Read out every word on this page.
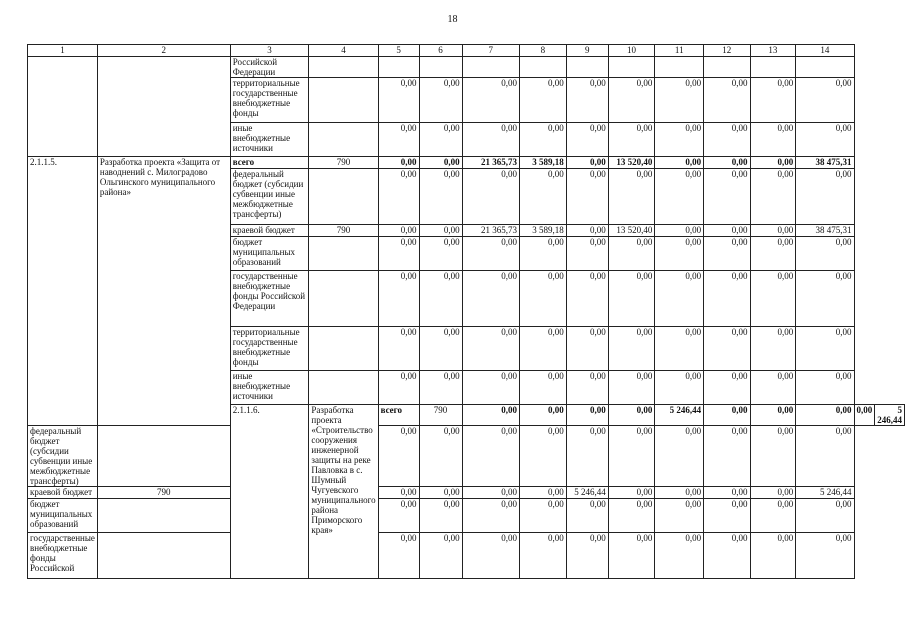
18
1	2	3	4	5	6	7	8	9	10	11	12	13	14		
		Российской Федерации													
		территориальные государственные внебюджетные фонды		0,00	0,00	0,00	0,00	0,00	0,00	0,00	0,00	0,00	0,00		
		иные внебюджетные источники		0,00	0,00	0,00	0,00	0,00	0,00	0,00	0,00	0,00	0,00		
2.1.1.5.	Разработка проекта «Защита от наводнений с. Милоградово Ольгинского муниципального района»	всего	790	0,00	0,00	21 365,73	3 589,18	0,00	13 520,40	0,00	0,00	0,00	38 475,31		
		федеральный бюджет (субсидии субвенции иные межбюджетные трансферты)		0,00	0,00	0,00	0,00	0,00	0,00	0,00	0,00	0,00	0,00		
		краевой бюджет	790	0,00	0,00	21 365,73	3 589,18	0,00	13 520,40	0,00	0,00	0,00	38 475,31		
		бюджет муниципальных образований		0,00	0,00	0,00	0,00	0,00	0,00	0,00	0,00	0,00	0,00		
		государственные внебюджетные фонды Российской Федерации		0,00	0,00	0,00	0,00	0,00	0,00	0,00	0,00	0,00	0,00		
		территориальные государственные внебюджетные фонды		0,00	0,00	0,00	0,00	0,00	0,00	0,00	0,00	0,00	0,00		
		иные внебюджетные источники		0,00	0,00	0,00	0,00	0,00	0,00	0,00	0,00	0,00	0,00		
		2.1.1.6.	Разработка проекта «Строительство сооружения инженерной защиты на реке Павловка в с. Шумный Чугуевского муниципального района Приморского края»	всего	790	0,00	0,00	0,00	0,00	5 246,44	0,00	0,00	0,00	0,00	5 246,44
федеральный бюджет (субсидии субвенции иные межбюджетные трансферты)				0,00	0,00	0,00	0,00	0,00	0,00	0,00	0,00	0,00	0,00		
краевой бюджет	790			0,00	0,00	0,00	0,00	5 246,44	0,00	0,00	0,00	0,00	5 246,44		
бюджет муниципальных образований				0,00	0,00	0,00	0,00	0,00	0,00	0,00	0,00	0,00	0,00		
государственные внебюджетные фонды Российской				0,00	0,00	0,00	0,00	0,00	0,00	0,00	0,00	0,00	0,00		
